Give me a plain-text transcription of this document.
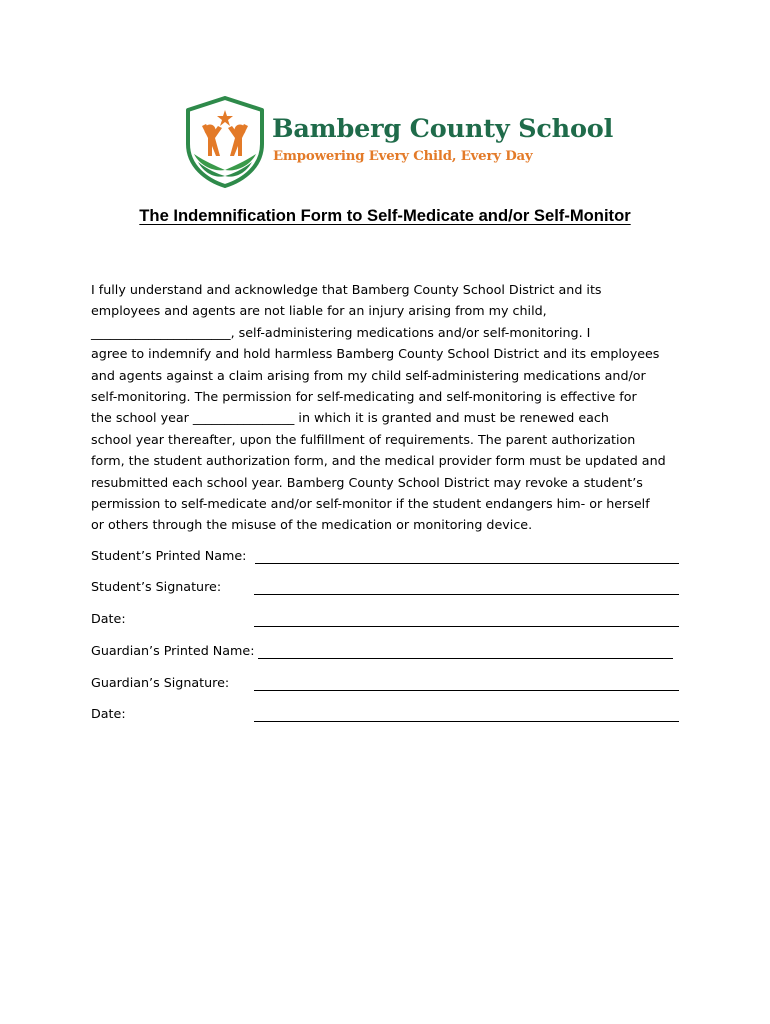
Bamberg County School
Empowering Every Child, Every Day
The Indemnification Form to Self-Medicate and/or Self-Monitor
I fully understand and acknowledge that Bamberg County School District and its
employees and agents are not liable for an injury arising from my child,
______________________, self-administering medications and/or self-monitoring. I
agree to indemnify and hold harmless Bamberg County School District and its employees
and agents against a claim arising from my child self-administering medications and/or
self-monitoring. The permission for self-medicating and self-monitoring is effective for
the school year ________________ in which it is granted and must be renewed each
school year thereafter, upon the fulfillment of requirements. The parent authorization
form, the student authorization form, and the medical provider form must be updated and
resubmitted each school year. Bamberg County School District may revoke a student’s
permission to self-medicate and/or self-monitor if the student endangers him- or herself
or others through the misuse of the medication or monitoring device.
Student’s Printed Name:
Student’s Signature:
Date:
Guardian’s Printed Name:
Guardian’s Signature:
Date:
